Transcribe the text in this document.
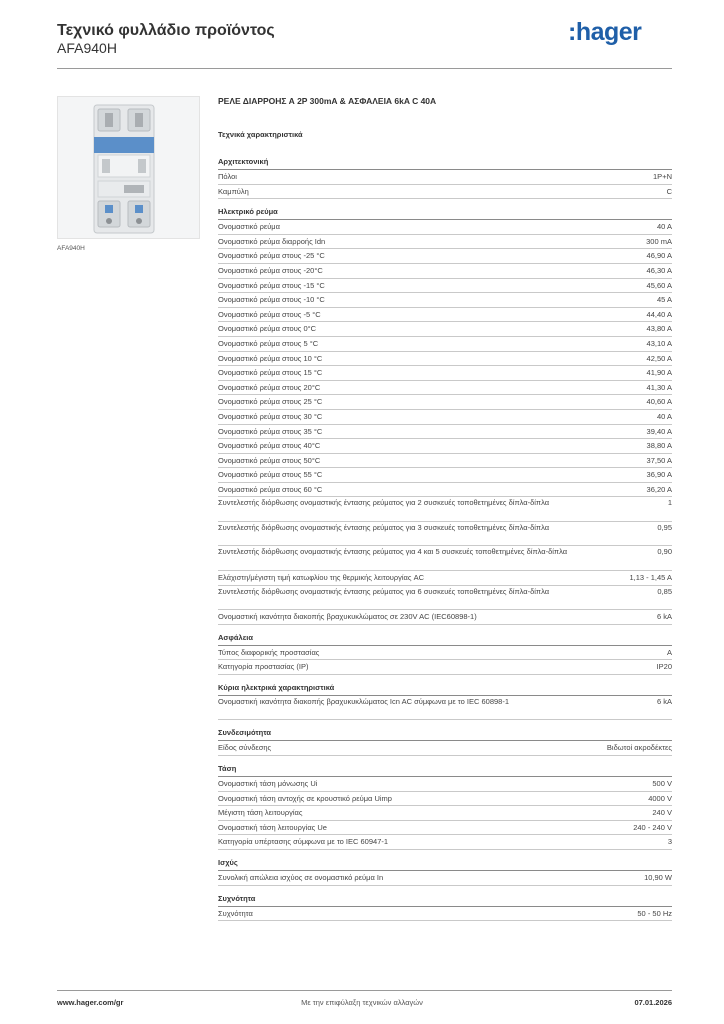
Τεχνικό φυλλάδιο προϊόντος
AFA940H
:hager
AFA940H
ΡΕΛΕ ΔΙΑΡΡΟΗΣ Α 2P 300mA & ΑΣΦΑΛΕΙΑ 6kA C 40A
Τεχνικά χαρακτηριστικά
Αρχιτεκτονική
Πόλοι	1P+N
Καμπύλη	C
Ηλεκτρικό ρεύμα
Ονομαστικό ρεύμα	40 A
Ονομαστικό ρεύμα διαρροής Idn	300 mA
Ονομαστικό ρεύμα στους -25 °C	46,90 A
Ονομαστικό ρεύμα στους -20°C	46,30 A
Ονομαστικό ρεύμα στους -15 °C	45,60 A
Ονομαστικό ρεύμα στους -10 °C	45 A
Ονομαστικό ρεύμα στους -5 °C	44,40 A
Ονομαστικό ρεύμα στους 0°C	43,80 A
Ονομαστικό ρεύμα στους 5 °C	43,10 A
Ονομαστικό ρεύμα στους 10 °C	42,50 A
Ονομαστικό ρεύμα στους 15 °C	41,90 A
Ονομαστικό ρεύμα στους 20°C	41,30 A
Ονομαστικό ρεύμα στους 25 °C	40,60 A
Ονομαστικό ρεύμα στους 30 °C	40 A
Ονομαστικό ρεύμα στους 35 °C	39,40 A
Ονομαστικό ρεύμα στους 40°C	38,80 A
Ονομαστικό ρεύμα στους 50°C	37,50 A
Ονομαστικό ρεύμα στους 55 °C	36,90 A
Ονομαστικό ρεύμα στους 60 °C	36,20 A
Συντελεστής διόρθωσης ονομαστικής έντασης ρεύματος για 2 συσκευές τοποθετημένες δίπλα-δίπλα	1
Συντελεστής διόρθωσης ονομαστικής έντασης ρεύματος για 3 συσκευές τοποθετημένες δίπλα-δίπλα	0,95
Συντελεστής διόρθωσης ονομαστικής έντασης ρεύματος για 4 και 5 συσκευές τοποθετημένες δίπλα-δίπλα	0,90
Ελάχιστη/μέγιστη τιμή κατωφλίου της θερμικής λειτουργίας AC	1,13 - 1,45 A
Συντελεστής διόρθωσης ονομαστικής έντασης ρεύματος για 6 συσκευές τοποθετημένες δίπλα-δίπλα	0,85
Ονομαστική ικανότητα διακοπής βραχυκυκλώματος σε 230V AC (IEC60898-1)	6 kA
Ασφάλεια
Τύπος διαφορικής προστασίας	A
Κατηγορία προστασίας (IP)	IP20
Κύρια ηλεκτρικά χαρακτηριστικά
Ονομαστική ικανότητα διακοπής βραχυκυκλώματος Icn AC σύμφωνα με το IEC 60898-1	6 kA
Συνδεσιμότητα
Είδος σύνδεσης	Βιδωτοί ακροδέκτες
Τάση
Ονομαστική τάση μόνωσης Ui	500 V
Ονομαστική τάση αντοχής σε κρουστικό ρεύμα Uimp	4000 V
Μέγιστη τάση λειτουργίας	240 V
Ονομαστική τάση λειτουργίας Ue	240 - 240 V
Κατηγορία υπέρτασης σύμφωνα με το IEC 60947-1	3
Ισχύς
Συνολική απώλεια ισχύος σε ονομαστικό ρεύμα In	10,90 W
Συχνότητα
Συχνότητα	50 - 50 Hz
www.hager.com/gr	Με την επιφύλαξη τεχνικών αλλαγών	07.01.2026
